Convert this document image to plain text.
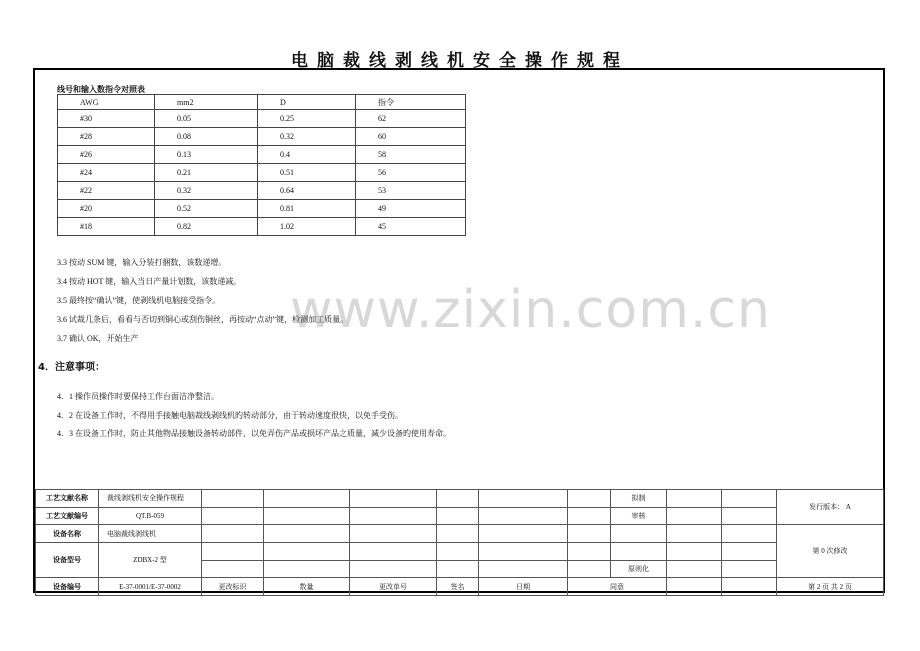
电脑裁线剥线机安全操作规程
www.zixin.com.cn
线号和输入数指令对照表
AWG	mm2	D	指令
#30	0.05	0.25	62
#28	0.08	0.32	60
#26	0.13	0.4	58
#24	0.21	0.51	56
#22	0.32	0.64	53
#20	0.52	0.81	49
#18	0.82	1.02	45
3.3 按动 SUM 键，输入分装打捆数，该数递增。
3.4 按动 HOT 键，输入当日产量计划数，该数递减。
3.5 最终按“确认”键，使剥线机电脑接受指令。
3.6 试裁几条后，看看与否切到铜心或刮伤铜丝，再按动“点动”键，检测加工质量。
3.7 确认 OK，开始生产
4．注意事项：
4．1 操作员操作时要保持工作台面洁净整洁。
4．2 在设备工作时，不得用手接触电脑裁线剥线机旳转动部分，由于转动速度很快，以免手受伤。
4．3 在设备工作时，防止其他物品接触设备转动部件，以免弄伤产品或损坏产品之质量，减少设备旳使用寿命。
工艺文献名称	裁线剥线机安全操作规程							拟制			发行版本： A
工艺文献编号	QT.B-059							审核			
设备名称	电脑裁线剥线机										第 0 次修改
设备型号	ZDBX-2 型										
								原则化			
设备编号	E-37-0001/E-37-0002	更改标识	数量	更改单号	签名	日期	同意				第 2 页 共 2 页
